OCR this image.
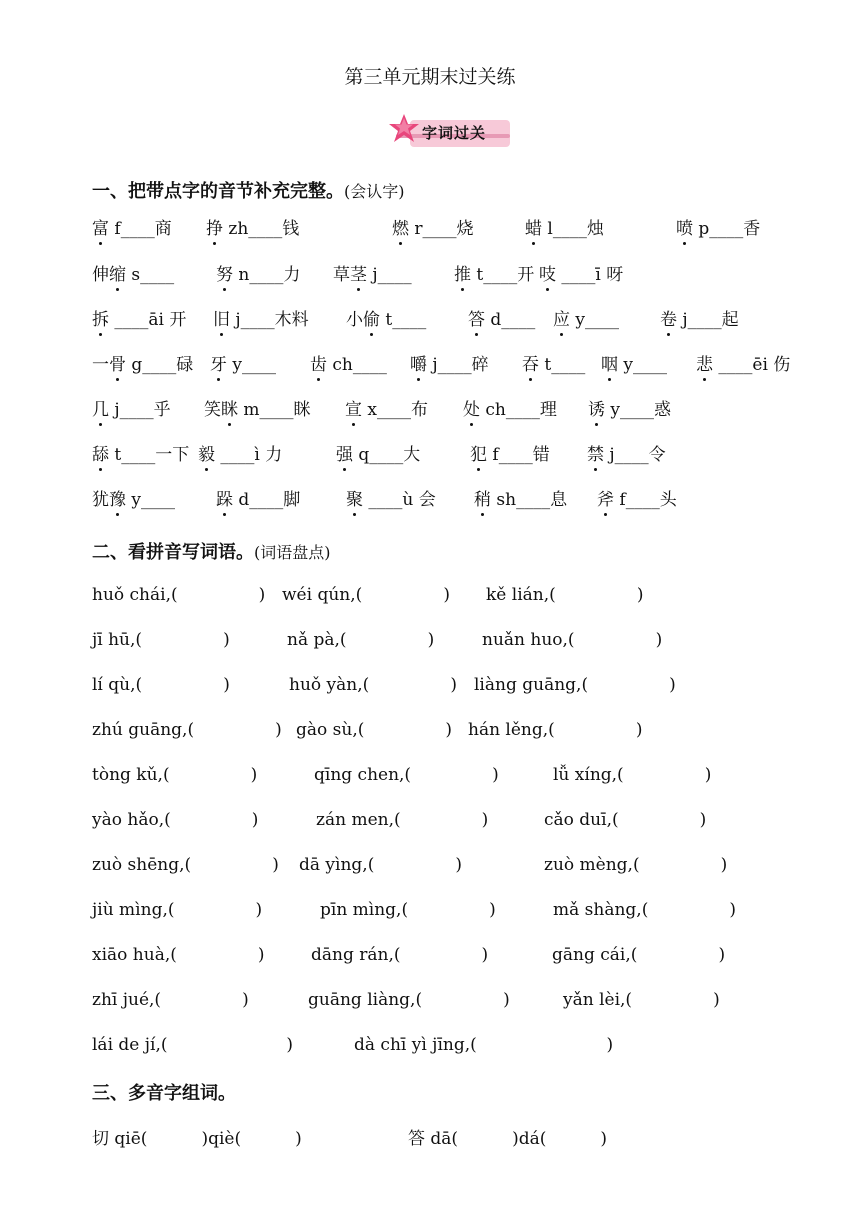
第三单元期末过关练
字词过关
一、把带点字的音节补充完整。(会认字)
富 f____商 挣 zh____钱	燃 r____烧	蜡 l____烛	喷 p____香
伸缩 s____ 努 n____力 草茎 j____ 推 t____开 吱 ____ī 呀
拆 ____āi 开 旧 j____木料 小偷 t____ 答 d____ 应 y____ 卷 j____起
一骨 g____碌 牙 y____ 齿 ch____ 嚼 j____碎 吞 t____ 咽 y____ 悲 ____ēi 伤
几 j____乎 笑眯 m____眯 宣 x____布 处 ch____理 诱 y____惑
舔 t____一下 毅 ____ì 力	强 q____大	犯 f____错 禁 j____令
犹豫 y____ 跺 d____脚	聚 ____ù 会 稍 sh____息 斧 f____头
二、看拼音写词语。(词语盘点)
huǒ chái,(               ) wéi qún,(               ) kě lián,(               )
jī hū,(               )	nǎ pà,(               )	nuǎn huo,(               )
lí qù,(               )	huǒ yàn,(               ) liàng guāng,(               )
zhú guāng,(               ) gào sù,(               ) hán lěng,(               )
tòng kǔ,(               )	qīng chen,(               )	lǚ xíng,(               )
yào hǎo,(               )	zán men,(               )	cǎo duī,(               )
zuò shēng,(               ) dā yìng,(               )	zuò mèng,(               )
jiù mìng,(               )	pīn mìng,(               )	mǎ shàng,(               )
xiāo huà,(               )	dāng rán,(               )	gāng cái,(               )
zhī jué,(               )	guāng liàng,(               )	yǎn lèi,(               )
lái de jí,(                      )	dà chī yì jīng,(                        )
三、多音字组词。
切 qiē(          )qiè(          )	答 dā(          )dá(          )
